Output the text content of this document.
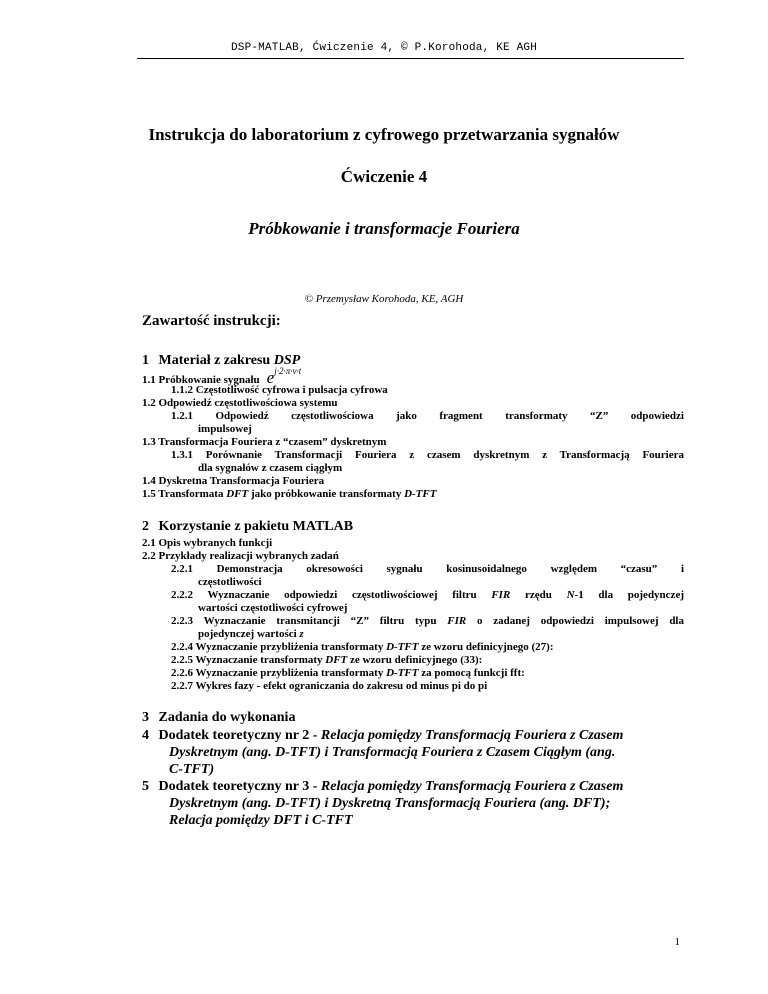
DSP-MATLAB, Ćwiczenie 4, © P.Korohoda, KE AGH
Instrukcja do laboratorium z cyfrowego przetwarzania sygnałów
Ćwiczenie 4
Próbkowanie i transformacje Fouriera
© Przemysław Korohoda, KE, AGH
Zawartość instrukcji:
1 Materiał z zakresu DSP
1.1 Próbkowanie sygnału $e^{j\cdot 2\cdot\pi\cdot\nu\cdot t}$
1.1.2 Częstotliwość cyfrowa i pulsacja cyfrowa
1.2 Odpowiedź częstotliwościowa systemu
1.2.1 Odpowiedź częstotliwościowa jako fragment transformaty “Z” odpowiedzi
impulsowej
1.3 Transformacja Fouriera z “czasem” dyskretnym
1.3.1 Porównanie Transformacji Fouriera z czasem dyskretnym z Transformacją Fouriera
dla sygnałów z czasem ciągłym
1.4 Dyskretna Transformacja Fouriera
1.5 Transformata DFT jako próbkowanie transformaty D-TFT
2 Korzystanie z pakietu MATLAB
2.1 Opis wybranych funkcji
2.2 Przykłady realizacji wybranych zadań
2.2.1 Demonstracja okresowości sygnału kosinusoidalnego względem “czasu” i
częstotliwości
2.2.2 Wyznaczanie odpowiedzi częstotliwościowej filtru FIR rzędu N-1 dla pojedynczej
wartości częstotliwości cyfrowej
2.2.3 Wyznaczanie transmitancji “Z” filtru typu FIR o zadanej odpowiedzi impulsowej dla
pojedynczej wartości z
2.2.4 Wyznaczanie przybliżenia transformaty D-TFT ze wzoru definicyjnego (27):
2.2.5 Wyznaczanie transformaty DFT ze wzoru definicyjnego (33):
2.2.6 Wyznaczanie przybliżenia transformaty D-TFT za pomocą funkcji fft:
2.2.7 Wykres fazy - efekt ograniczania do zakresu od minus pi do pi
3 Zadania do wykonania
4 Dodatek teoretyczny nr 2 - Relacja pomiędzy Transformacją Fouriera z Czasem
Dyskretnym (ang. D-TFT) i Transformacją Fouriera z Czasem Ciągłym (ang.
C-TFT)
5 Dodatek teoretyczny nr 3 - Relacja pomiędzy Transformacją Fouriera z Czasem
Dyskretnym (ang. D-TFT) i Dyskretną Transformacją Fouriera (ang. DFT);
Relacja pomiędzy DFT i C-TFT
1
